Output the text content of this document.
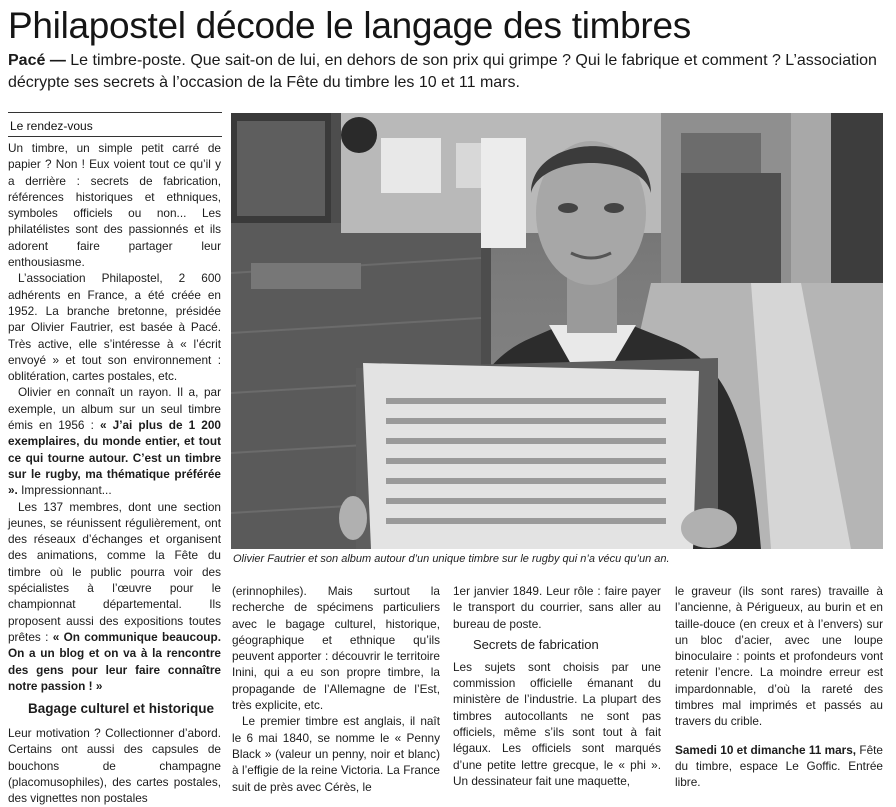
Philapostel décode le langage des timbres
Pacé — Le timbre-poste. Que sait-on de lui, en dehors de son prix qui grimpe ? Qui le fabrique et comment ? L’association décrypte ses secrets à l’occasion de la Fête du timbre les 10 et 11 mars.
Le rendez-vous

Un timbre, un simple petit carré de papier ? Non ! Eux voient tout ce qu’il y a derrière : secrets de fabrication, références historiques et ethniques, symboles officiels ou non... Les philatélistes sont des passionnés et ils adorent faire partager leur enthousiasme.

L’association Philapostel, 2 600 adhérents en France, a été créée en 1952. La branche bretonne, présidée par Olivier Fautrier, est basée à Pacé. Très active, elle s’intéresse à « l’écrit envoyé » et tout son environnement : oblitération, cartes postales, etc.

Olivier en connaît un rayon. Il a, par exemple, un album sur un seul timbre émis en 1956 : « J’ai plus de 1 200 exemplaires, du monde entier, et tout ce qui tourne autour. C’est un timbre sur le rugby, ma thématique préférée ». Impressionnant...

Les 137 membres, dont une section jeunes, se réunissent régulièrement, ont des réseaux d’échanges et organisent des animations, comme la Fête du timbre où le public pourra voir des spécialistes à l’œuvre pour le championnat départemental. Ils proposent aussi des expositions toutes prêtes : « On communique beaucoup. On a un blog et on va à la rencontre des gens pour leur faire connaître notre passion ! »

Bagage culturel et historique

Leur motivation ? Collectionner d’abord. Certains ont aussi des capsules de bouchons de champagne (placomusophiles), des cartes postales, des vignettes non postales

Olivier Fautrier et son album autour d’un unique timbre sur le rugby qui n’a vécu qu’un an.

(erinnophiles). Mais surtout la recherche de spécimens particuliers avec le bagage culturel, historique, géographique et ethnique qu’ils peuvent apporter : découvrir le territoire Inini, qui a eu son propre timbre, la propagande de l’Allemagne de l’Est, très explicite, etc.

Le premier timbre est anglais, il naît le 6 mai 1840, se nomme le « Penny Black » (valeur un penny, noir et blanc) à l’effigie de la reine Victoria. La France suit de près avec Cérès, le

1er janvier 1849. Leur rôle : faire payer le transport du courrier, sans aller au bureau de poste.

Secrets de fabrication

Les sujets sont choisis par une commission officielle émanant du ministère de l’industrie. La plupart des timbres autocollants ne sont pas officiels, même s’ils sont tout à fait légaux. Les officiels sont marqués d’une petite lettre grecque, le « phi ». Un dessinateur fait une maquette,

le graveur (ils sont rares) travaille à l’ancienne, à Périgueux, au burin et en taille-douce (en creux et à l’envers) sur un bloc d’acier, avec une loupe binoculaire : points et profondeurs vont retenir l’encre. La moindre erreur est impardonnable, d’où la rareté des timbres mal imprimés et passés au travers du crible.

Samedi 10 et dimanche 11 mars, Fête du timbre, espace Le Goffic. Entrée libre.
